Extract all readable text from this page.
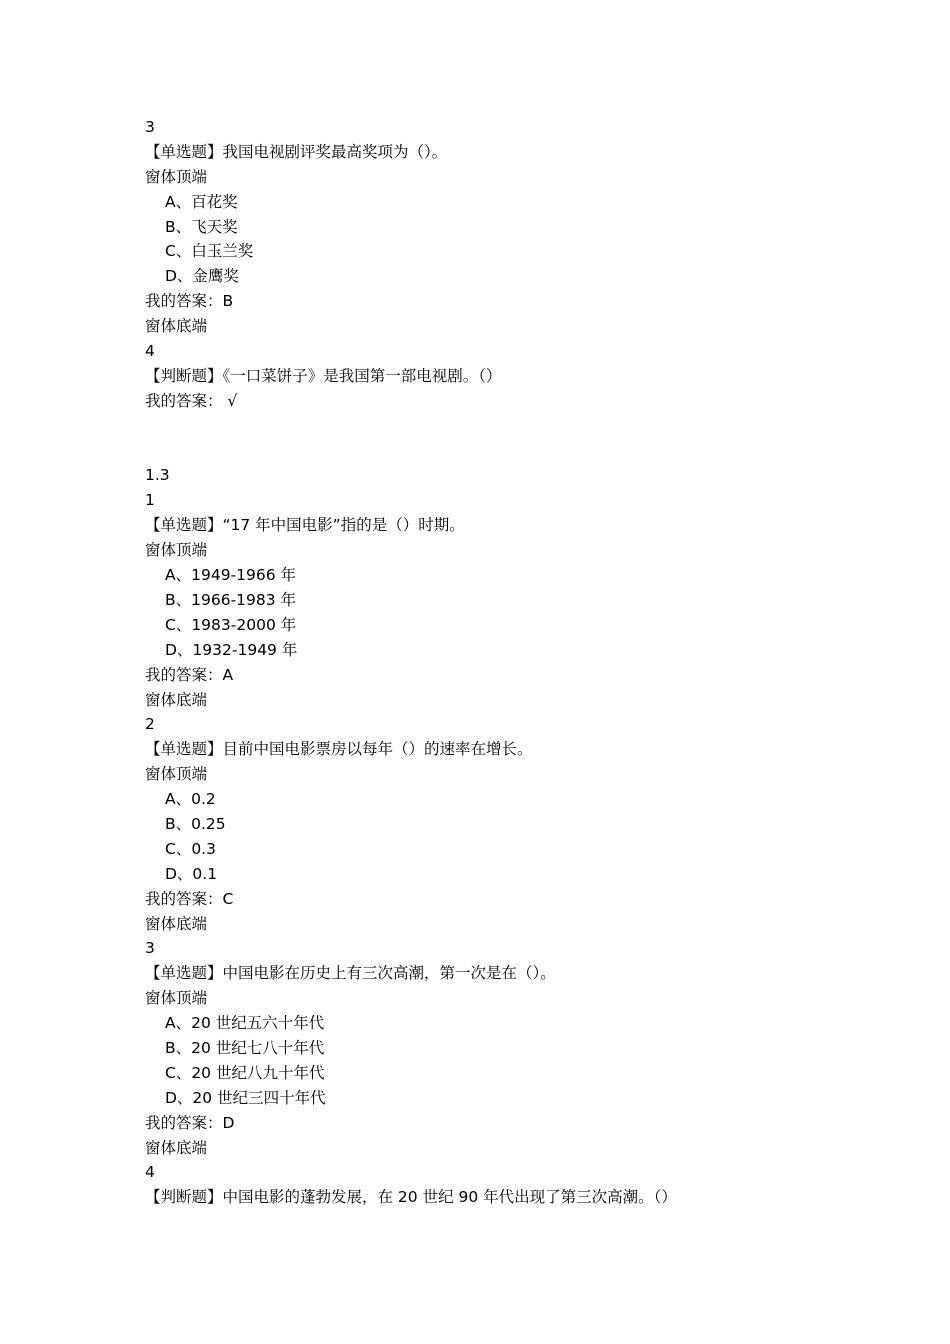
3
【单选题】我国电视剧评奖最高奖项为（）。
窗体顶端
A、百花奖
B、飞天奖
C、白玉兰奖
D、金鹰奖
我的答案：B
窗体底端
4
【判断题】《一口菜饼子》是我国第一部电视剧。（）
我的答案： √
1.3
1
【单选题】“17 年中国电影”指的是（）时期。
窗体顶端
A、1949-1966 年
B、1966-1983 年
C、1983-2000 年
D、1932-1949 年
我的答案：A
窗体底端
2
【单选题】目前中国电影票房以每年（）的速率在增长。
窗体顶端
A、0.2
B、0.25
C、0.3
D、0.1
我的答案：C
窗体底端
3
【单选题】中国电影在历史上有三次高潮，第一次是在（）。
窗体顶端
A、20 世纪五六十年代
B、20 世纪七八十年代
C、20 世纪八九十年代
D、20 世纪三四十年代
我的答案：D
窗体底端
4
【判断题】中国电影的蓬勃发展，在 20 世纪 90 年代出现了第三次高潮。（）
